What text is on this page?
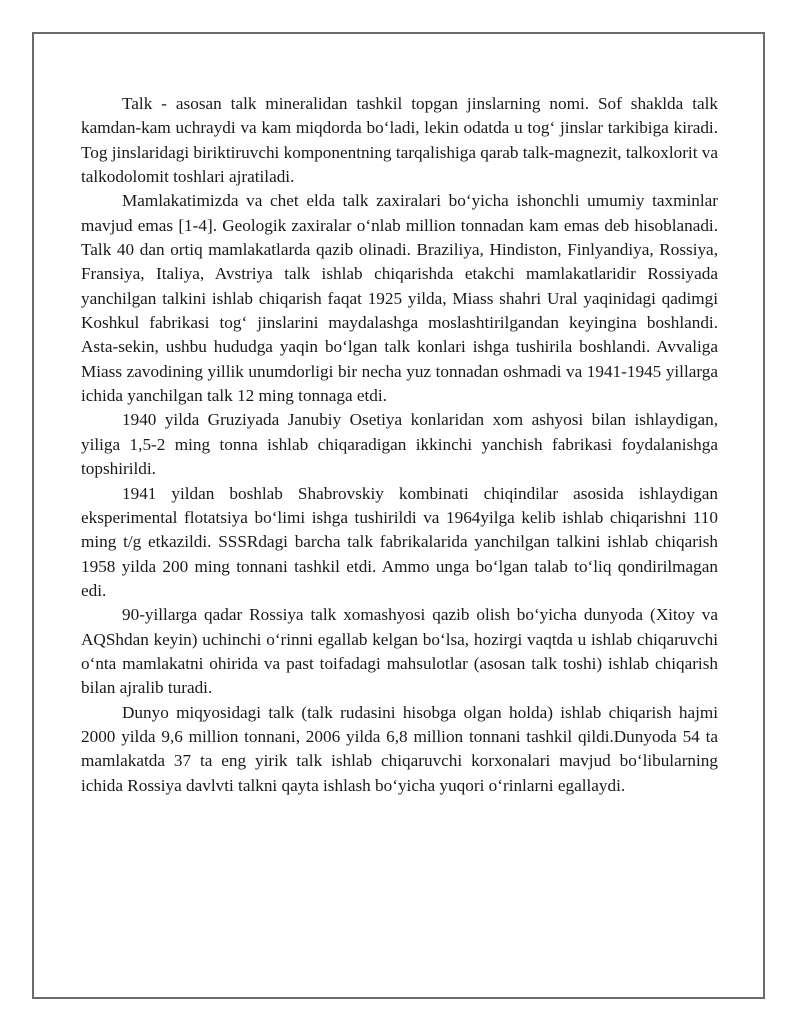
Talk - asosan talk mineralidan tashkil topgan jinslarning nomi. Sof shaklda talk kamdan-kam uchraydi va kam miqdorda bo‘ladi, lekin odatda u tog‘ jinslar tarkibiga kiradi. Tog jinslaridagi biriktiruvchi komponentning tarqalishiga qarab talk-magnezit, talkoxlorit va talkodolomit toshlari ajratiladi.

Mamlakatimizda va chet elda talk zaxiralari bo‘yicha ishonchli umumiy taxminlar mavjud emas [1-4]. Geologik zaxiralar o‘nlab million tonnadan kam emas deb hisoblanadi. Talk 40 dan ortiq mamlakatlarda qazib olinadi. Braziliya, Hindiston, Finlyandiya, Rossiya, Fransiya, Italiya, Avstriya talk ishlab chiqarishda etakchi mamlakatlaridir Rossiyada yanchilgan talkini ishlab chiqarish faqat 1925 yilda, Miass shahri Ural yaqinidagi qadimgi Koshkul fabrikasi tog‘ jinslarini maydalashga moslashtirilgandan keyingina boshlandi. Asta-sekin, ushbu hududga yaqin bo‘lgan talk konlari ishga tushirila boshlandi. Avvaliga Miass zavodining yillik unumdorligi bir necha yuz tonnadan oshmadi va 1941-1945 yillarga ichida yanchilgan talk 12 ming tonnaga etdi.

1940 yilda Gruziyada Janubiy Osetiya konlaridan xom ashyosi bilan ishlaydigan, yiliga 1,5-2 ming tonna ishlab chiqaradigan ikkinchi yanchish fabrikasi foydalanishga topshirildi.

1941 yildan boshlab Shabrovskiy kombinati chiqindilar asosida ishlaydigan eksperimental flotatsiya bo‘limi ishga tushirildi va 1964yilga kelib ishlab chiqarishni 110 ming t/g etkazildi. SSSRdagi barcha talk fabrikalarida yanchilgan talkini ishlab chiqarish 1958 yilda 200 ming tonnani tashkil etdi. Ammo unga bo‘lgan talab to‘liq qondirilmagan edi.

90-yillarga qadar Rossiya talk xomashyosi qazib olish bo‘yicha dunyoda (Xitoy va AQShdan keyin) uchinchi o‘rinni egallab kelgan bo‘lsa, hozirgi vaqtda u ishlab chiqaruvchi o‘nta mamlakatni ohirida va past toifadagi mahsulotlar (asosan talk toshi) ishlab chiqarish bilan ajralib turadi.

Dunyo miqyosidagi talk (talk rudasini hisobga olgan holda) ishlab chiqarish hajmi 2000 yilda 9,6 million tonnani, 2006 yilda 6,8 million tonnani tashkil qildi.Dunyoda 54 ta mamlakatda 37 ta eng yirik talk ishlab chiqaruvchi korxonalari mavjud bo‘libularning ichida Rossiya davlvti talkni qayta ishlash bo‘yicha yuqori o‘rinlarni egallaydi.
